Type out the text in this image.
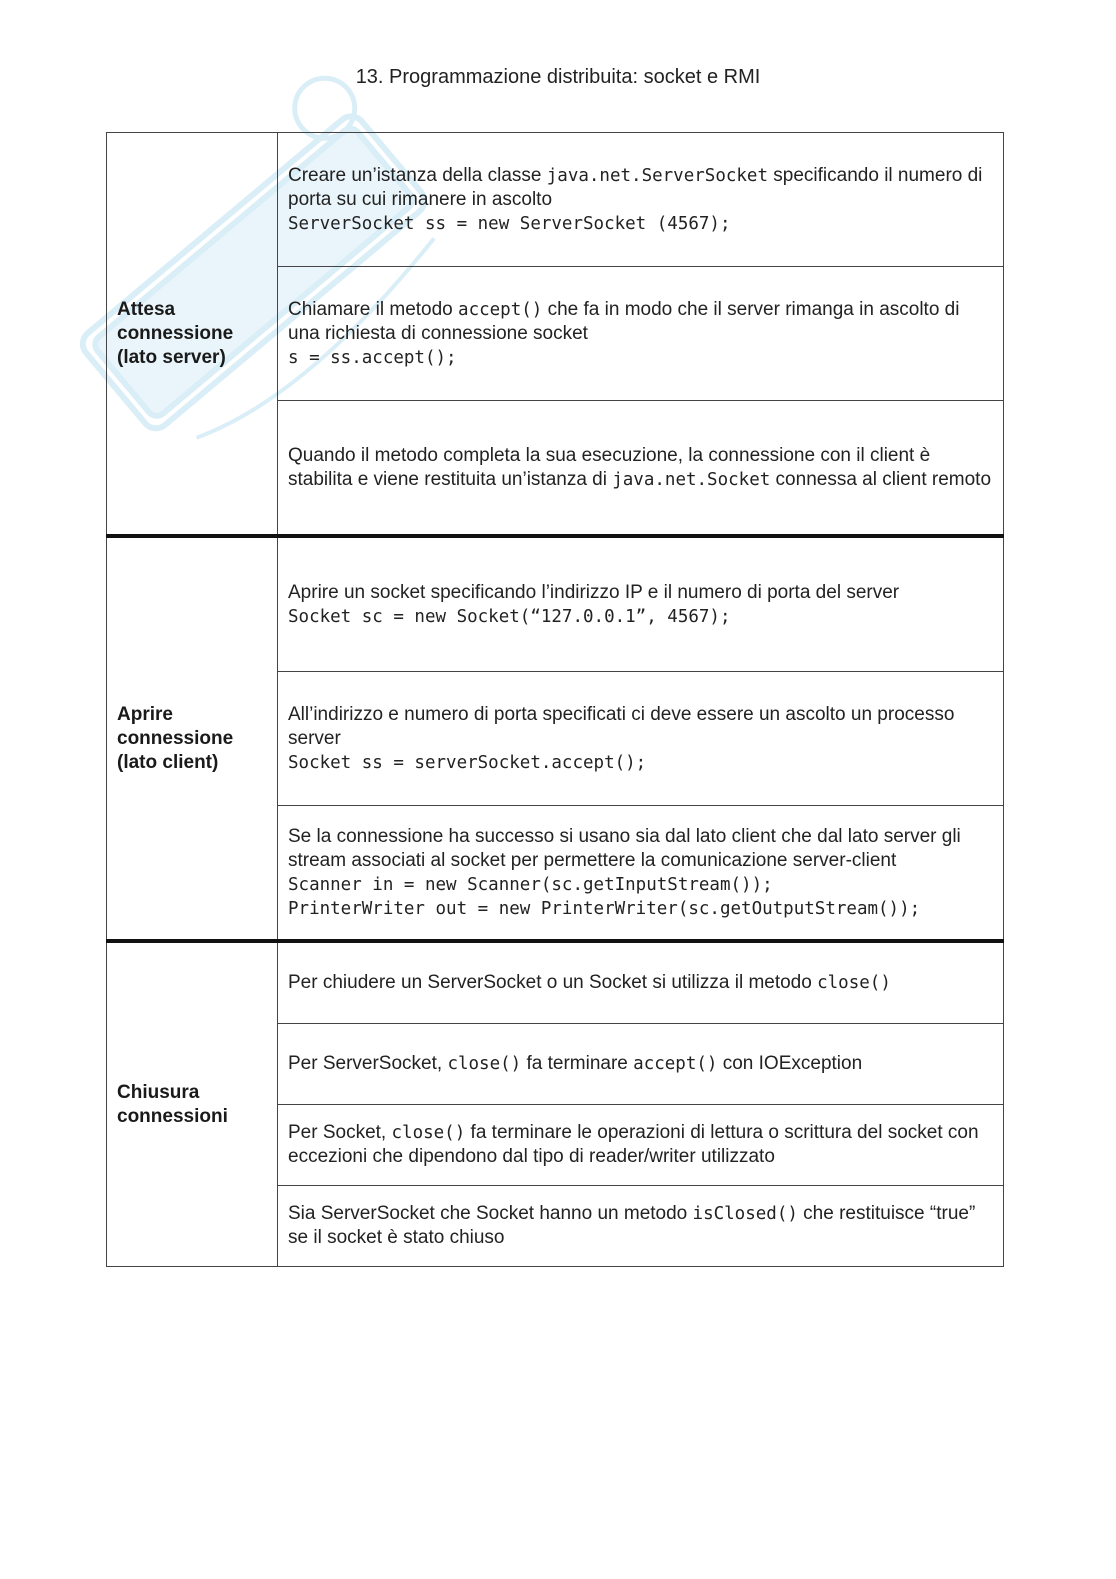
13. Programmazione distribuita: socket e RMI
Attesa connessione (lato server)	Creare un’istanza della classe java.net.ServerSocket specificando il numero di porta su cui rimanere in ascolto
ServerSocket ss = new ServerSocket (4567);
	Chiamare il metodo accept() che fa in modo che il server rimanga in ascolto di una richiesta di connessione socket
s = ss.accept();
	Quando il metodo completa la sua esecuzione, la connessione con il client è stabilita e viene restituita un’istanza di java.net.Socket connessa al client remoto
Aprire connessione (lato client)	Aprire un socket specificando l’indirizzo IP e il numero di porta del server
Socket sc = new Socket(“127.0.0.1”, 4567);
	All’indirizzo e numero di porta specificati ci deve essere un ascolto un processo server
Socket ss = serverSocket.accept();
	Se la connessione ha successo si usano sia dal lato client che dal lato server gli stream associati al socket per permettere la comunicazione server-client
Scanner in = new Scanner(sc.getInputStream());
PrinterWriter out = new PrinterWriter(sc.getOutputStream());
Chiusura connessioni	Per chiudere un ServerSocket o un Socket si utilizza il metodo close()
	Per ServerSocket, close() fa terminare accept() con IOException
	Per Socket, close() fa terminare le operazioni di lettura o scrittura del socket con eccezioni che dipendono dal tipo di reader/writer utilizzato
	Sia ServerSocket che Socket hanno un metodo isClosed() che restituisce “true” se il socket è stato chiuso
